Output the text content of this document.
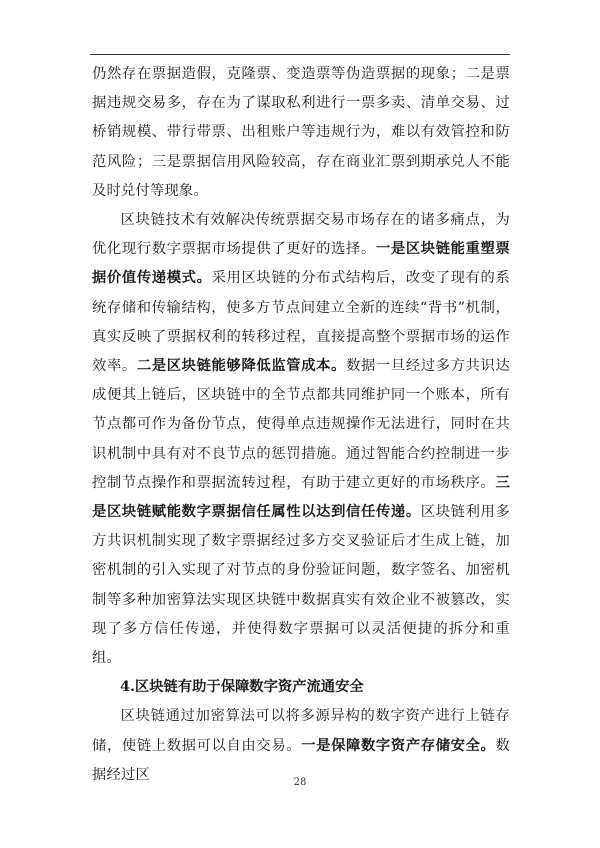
仍然存在票据造假，克隆票、变造票等伪造票据的现象；二是票据违规交易多，存在为了谋取私利进行一票多卖、清单交易、过桥销规模、带行带票、出租账户等违规行为，难以有效管控和防范风险；三是票据信用风险较高，存在商业汇票到期承兑人不能及时兑付等现象。

区块链技术有效解决传统票据交易市场存在的诸多痛点，为优化现行数字票据市场提供了更好的选择。一是区块链能重塑票据价值传递模式。采用区块链的分布式结构后，改变了现有的系统存储和传输结构，使多方节点间建立全新的连续“背书”机制，真实反映了票据权利的转移过程，直接提高整个票据市场的运作效率。二是区块链能够降低监管成本。数据一旦经过多方共识达成便其上链后，区块链中的全节点都共同维护同一个账本，所有节点都可作为备份节点，使得单点违规操作无法进行，同时在共识机制中具有对不良节点的惩罚措施。通过智能合约控制进一步控制节点操作和票据流转过程，有助于建立更好的市场秩序。三是区块链赋能数字票据信任属性以达到信任传递。区块链利用多方共识机制实现了数字票据经过多方交叉验证后才生成上链，加密机制的引入实现了对节点的身份验证问题，数字签名、加密机制等多种加密算法实现区块链中数据真实有效企业不被篡改，实现了多方信任传递，并使得数字票据可以灵活便捷的拆分和重组。

4.区块链有助于保障数字资产流通安全

区块链通过加密算法可以将多源异构的数字资产进行上链存储，使链上数据可以自由交易。一是保障数字资产存储安全。数据经过区

 	28
